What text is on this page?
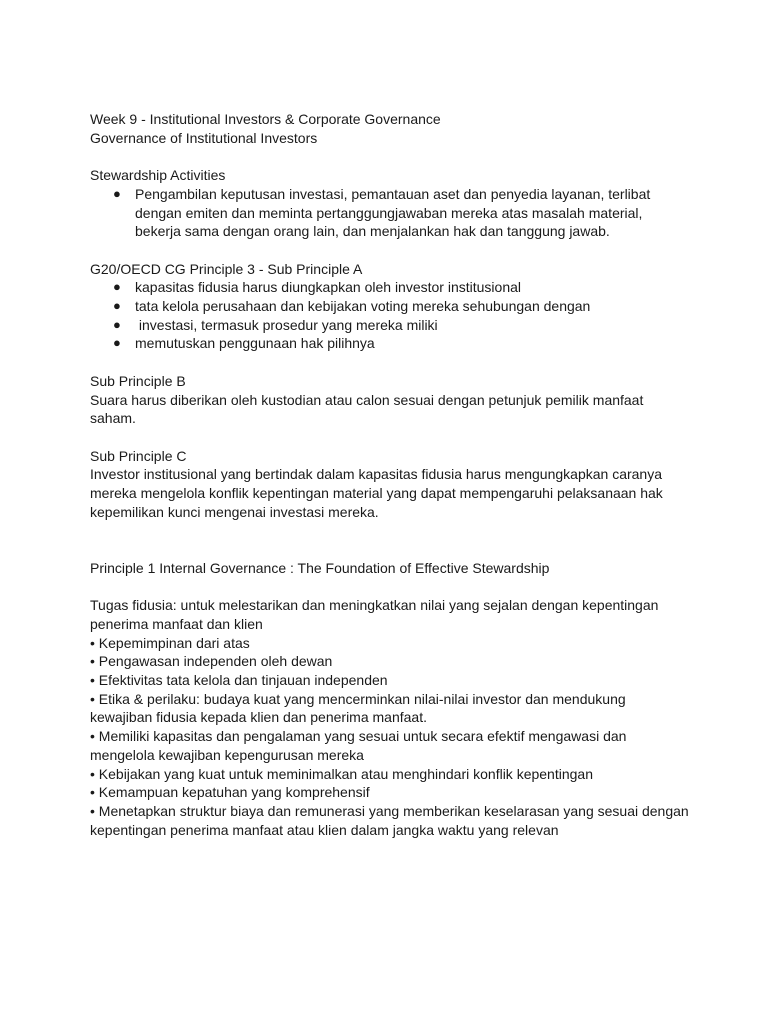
Week 9 - Institutional Investors & Corporate Governance

Governance of Institutional Investors

Stewardship Activities

● Pengambilan keputusan investasi, pemantauan aset dan penyedia layanan, terlibat dengan emiten dan meminta pertanggungjawaban mereka atas masalah material, bekerja sama dengan orang lain, dan menjalankan hak dan tanggung jawab.

G20/OECD CG Principle 3 - Sub Principle A

● kapasitas fidusia harus diungkapkan oleh investor institusional
● tata kelola perusahaan dan kebijakan voting mereka sehubungan dengan
● investasi, termasuk prosedur yang mereka miliki
● memutuskan penggunaan hak pilihnya

Sub Principle B

Suara harus diberikan oleh kustodian atau calon sesuai dengan petunjuk pemilik manfaat saham.

Sub Principle C

Investor institusional yang bertindak dalam kapasitas fidusia harus mengungkapkan caranya mereka mengelola konflik kepentingan material yang dapat mempengaruhi pelaksanaan hak kepemilikan kunci mengenai investasi mereka.

Principle 1 Internal Governance : The Foundation of Effective Stewardship

Tugas fidusia: untuk melestarikan dan meningkatkan nilai yang sejalan dengan kepentingan penerima manfaat dan klien

• Kepemimpinan dari atas

• Pengawasan independen oleh dewan

• Efektivitas tata kelola dan tinjauan independen

• Etika & perilaku: budaya kuat yang mencerminkan nilai-nilai investor dan mendukung kewajiban fidusia kepada klien dan penerima manfaat.

• Memiliki kapasitas dan pengalaman yang sesuai untuk secara efektif mengawasi dan mengelola kewajiban kepengurusan mereka

• Kebijakan yang kuat untuk meminimalkan atau menghindari konflik kepentingan

• Kemampuan kepatuhan yang komprehensif

• Menetapkan struktur biaya dan remunerasi yang memberikan keselarasan yang sesuai dengan kepentingan penerima manfaat atau klien dalam jangka waktu yang relevan
